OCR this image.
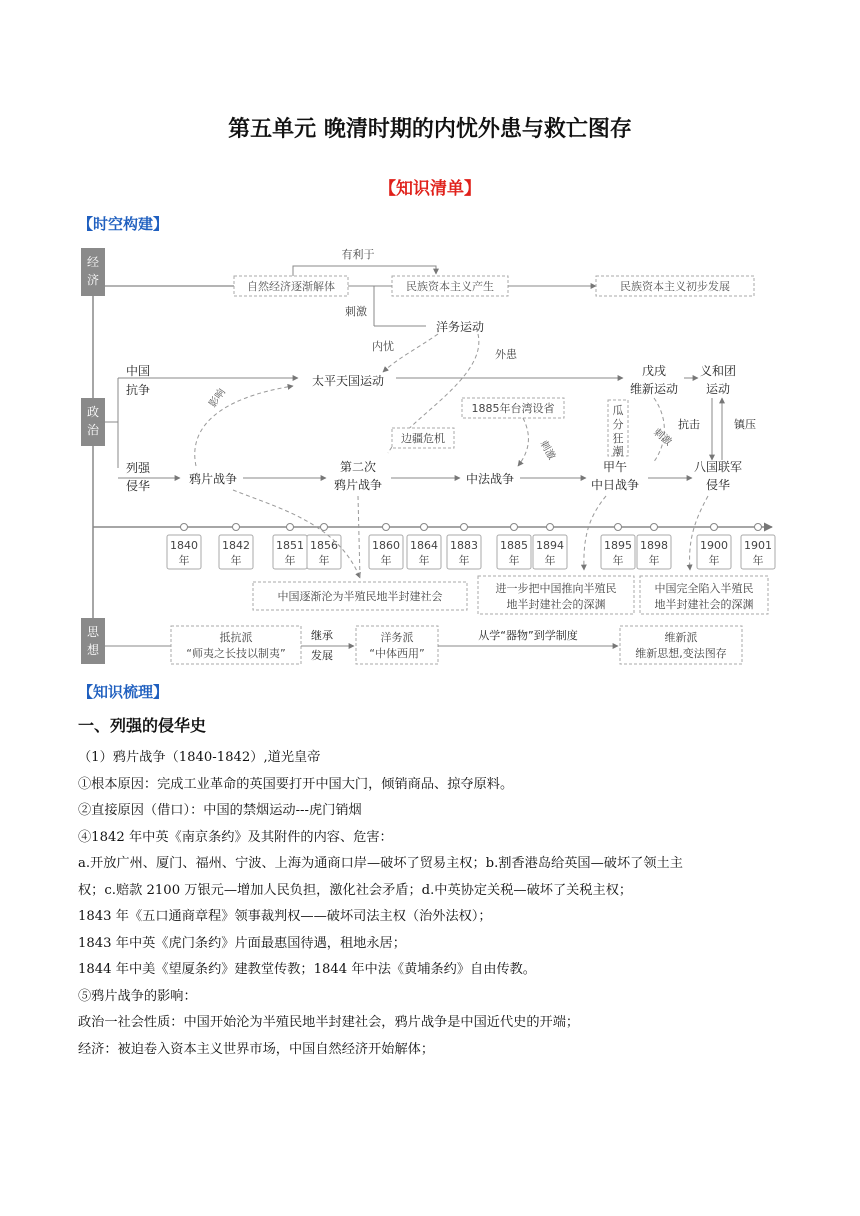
第五单元 晚清时期的内忧外患与救亡图存
【知识清单】
【时空构建】
经济
政治
思想
自然经济逐渐解体
有利于
民族资本主义产生	民族资本主义初步发展
刺激
洋务运动
中国
抗争
太平天国运动
戊戌
维新运动
义和团
运动
内忧
外患
1885年台湾设省
边疆危机
刺激
瓜
分
狂
潮
刺激
抗击	镇压
影响
列强
侵华	鸦片战争
第二次
鸦片战争	中法战争
甲午
中日战争
八国联军
侵华
1840
年
1842
年
1851
年
1856
年
1860
年
1864
年
1883
年
1885
年
1894
年
1895
年
1898
年
1900
年
1901
年
中国逐渐沦为半殖民地半封建社会
进一步把中国推向半殖民
地半封建社会的深渊
中国完全陷入半殖民
地半封建社会的深渊
抵抗派
“师夷之长技以制夷”
继承
发展
洋务派
“中体西用”
从学“器物”到学制度	维新派
维新思想,变法图存
【知识梳理】
一、列强的侵华史

（1）鸦片战争（1840-1842）,道光皇帝

①根本原因：完成工业革命的英国要打开中国大门，倾销商品、掠夺原料。

②直接原因（借口）：中国的禁烟运动---虎门销烟

④1842 年中英《南京条约》及其附件的内容、危害：

a.开放广州、厦门、福州、宁波、上海为通商口岸—破坏了贸易主权；b.割香港岛给英国—破坏了领土主

权；c.赔款 2100 万银元—增加人民负担，激化社会矛盾；d.中英协定关税—破坏了关税主权；

1843 年《五口通商章程》领事裁判权——破坏司法主权（治外法权）；

1843 年中英《虎门条约》片面最惠国待遇，租地永居；

1844 年中美《望厦条约》建教堂传教；1844 年中法《黄埔条约》自由传教。

⑤鸦片战争的影响：

政治一社会性质：中国开始沦为半殖民地半封建社会，鸦片战争是中国近代史的开端；

经济：被迫卷入资本主义世界市场，中国自然经济开始解体；
